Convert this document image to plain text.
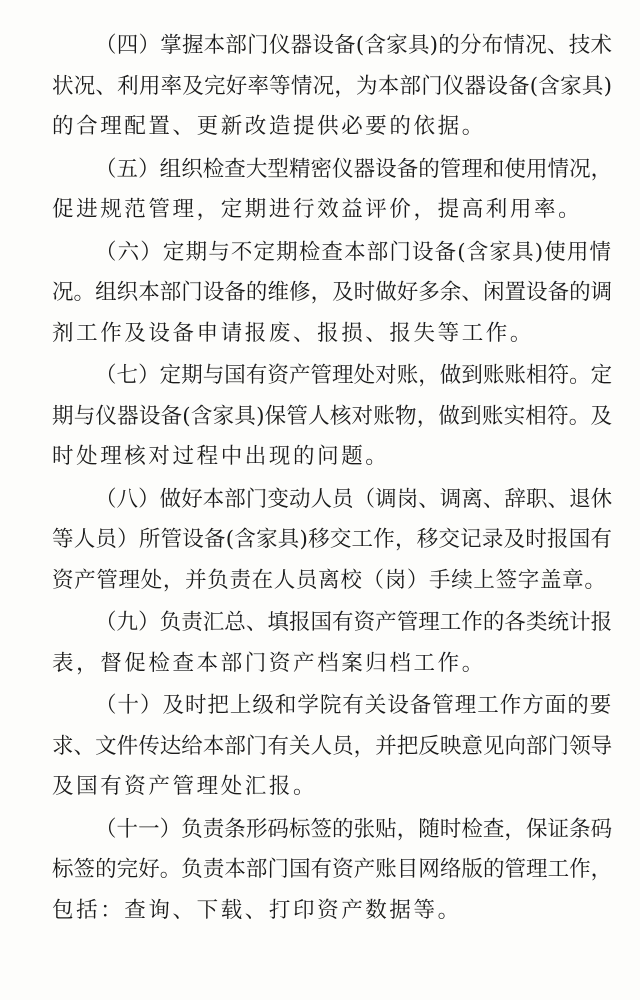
（四）掌握本部门仪器设备(含家具)的分布情况、技术
状况、利用率及完好率等情况，为本部门仪器设备(含家具)
的合理配置、更新改造提供必要的依据。

（五）组织检查大型精密仪器设备的管理和使用情况，
促进规范管理，定期进行效益评价，提高利用率。

（六）定期与不定期检查本部门设备(含家具)使用情
况。组织本部门设备的维修，及时做好多余、闲置设备的调
剂工作及设备申请报废、报损、报失等工作。

（七）定期与国有资产管理处对账，做到账账相符。定
期与仪器设备(含家具)保管人核对账物，做到账实相符。及
时处理核对过程中出现的问题。

（八）做好本部门变动人员（调岗、调离、辞职、退休
等人员）所管设备(含家具)移交工作，移交记录及时报国有
资产管理处，并负责在人员离校（岗）手续上签字盖章。

（九）负责汇总、填报国有资产管理工作的各类统计报
表，督促检查本部门资产档案归档工作。

（十）及时把上级和学院有关设备管理工作方面的要
求、文件传达给本部门有关人员，并把反映意见向部门领导
及国有资产管理处汇报。

（十一）负责条形码标签的张贴，随时检查，保证条码
标签的完好。负责本部门国有资产账目网络版的管理工作，
包括：查询、下载、打印资产数据等。
